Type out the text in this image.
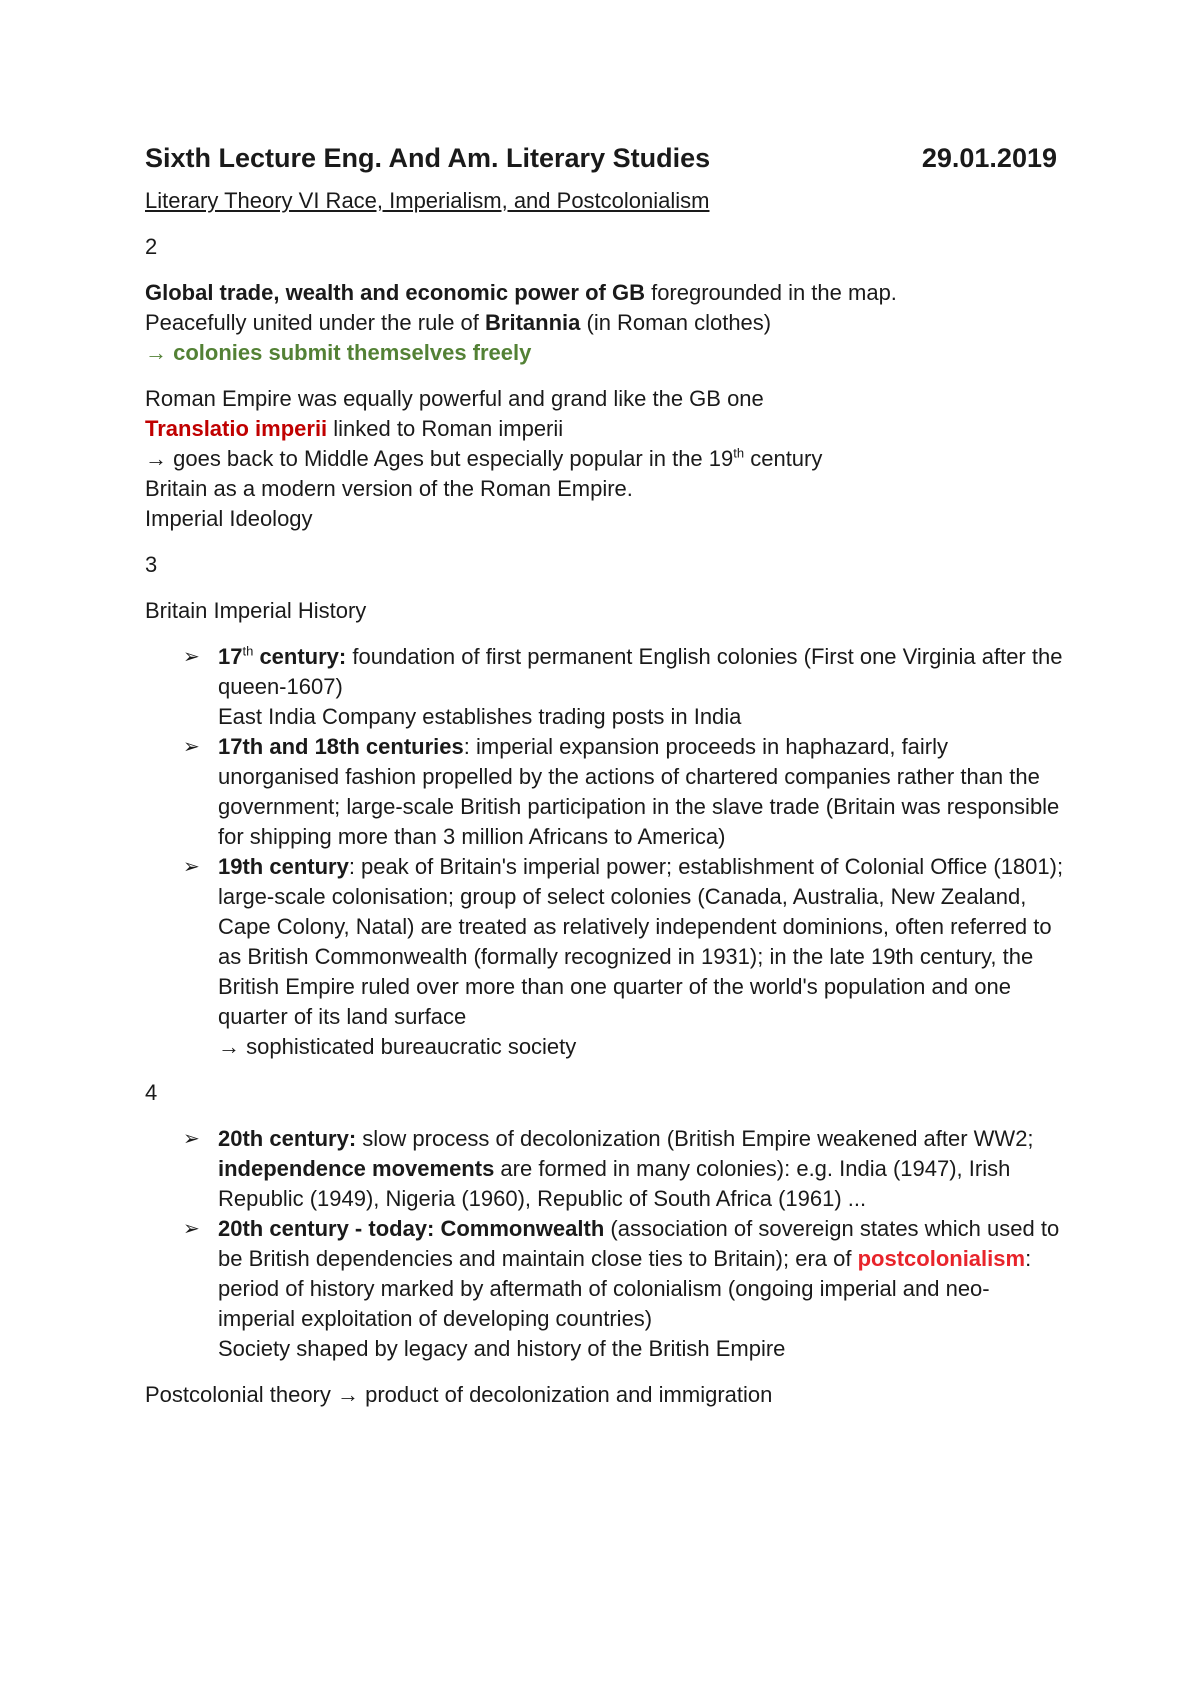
Sixth Lecture Eng. And Am. Literary Studies	29.01.2019
Literary Theory VI Race, Imperialism, and Postcolonialism
2
Global trade, wealth and economic power of GB foregrounded in the map.
Peacefully united under the rule of Britannia (in Roman clothes)
→ colonies submit themselves freely
Roman Empire was equally powerful and grand like the GB one
Translatio imperii linked to Roman imperii
→ goes back to Middle Ages but especially popular in the 19th century
Britain as a modern version of the Roman Empire.
Imperial Ideology
3
Britain Imperial History
➢ 17th century: foundation of first permanent English colonies (First one Virginia after the queen-1607)
East India Company establishes trading posts in India
➢ 17th and 18th centuries: imperial expansion proceeds in haphazard, fairly unorganised fashion propelled by the actions of chartered companies rather than the government; large-scale British participation in the slave trade (Britain was responsible for shipping more than 3 million Africans to America)
➢ 19th century: peak of Britain's imperial power; establishment of Colonial Office (1801); large-scale colonisation; group of select colonies (Canada, Australia, New Zealand, Cape Colony, Natal) are treated as relatively independent dominions, often referred to as British Commonwealth (formally recognized in 1931); in the late 19th century, the British Empire ruled over more than one quarter of the world's population and one quarter of its land surface
→ sophisticated bureaucratic society
4
➢ 20th century: slow process of decolonization (British Empire weakened after WW2; independence movements are formed in many colonies): e.g. India (1947), Irish Republic (1949), Nigeria (1960), Republic of South Africa (1961) ...
➢ 20th century - today: Commonwealth (association of sovereign states which used to be British dependencies and maintain close ties to Britain); era of postcolonialism: period of history marked by aftermath of colonialism (ongoing imperial and neo-imperial exploitation of developing countries)
Society shaped by legacy and history of the British Empire
Postcolonial theory → product of decolonization and immigration
